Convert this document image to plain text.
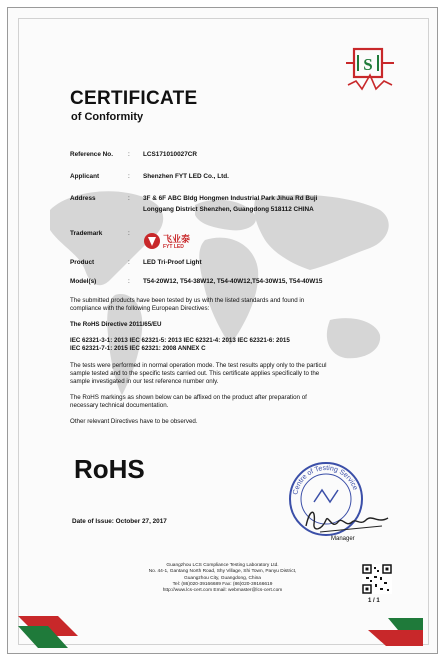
S
CERTIFICATE
of Conformity
Reference No. : LCS171010027CR
Applicant	: Shenzhen FYT LED Co., Ltd.
Address	: 3F & 6F ABC Bldg Hongmen Industrial Park Jihua Rd Buji
Longgang District Shenzhen, Guangdong 518112 CHINA
Trademark	:
飞业泰
FYT LED
Product	: LED Tri-Proof Light
Model(s)	: T54-20W12, T54-38W12, T54-40W12,T54-30W15, T54-40W15
The submitted products have been tested by us with the listed standards and found in
compliance with the following European Directives:
The RoHS Directive 2011/65/EU
IEC 62321-3-1: 2013 IEC 62321-5: 2013 IEC 62321-4: 2013 IEC 62321-6: 2015
IEC 62321-7-1: 2015 IEC 62321: 2008 ANNEX C
The tests were performed in normal operation mode. The test results apply only to the particul
sample tested and to the specific tests carried out. This certificate applies specifically to the
sample investigated in our test reference number only.
The RoHS markings as shown below can be affixed on the product after preparation of
necessary technical documentation.
Other relevant Directives have to be observed.
RoHS
Date of Issue: October 27, 2017
Centre of Testing Service
Manager
Guangzhou LCS Compliance Testing Laboratory Ltd.
No. 44-1, Gantang North Road, Shy Village, Shi Town, Panyu District,
Guangzhou City, Guangdong, China
Tel: (86)020-39166689 Fax: (86)020-39166619
http://www.lcs-cert.com Email: webmaster@lcs-cert.com
1 / 1
